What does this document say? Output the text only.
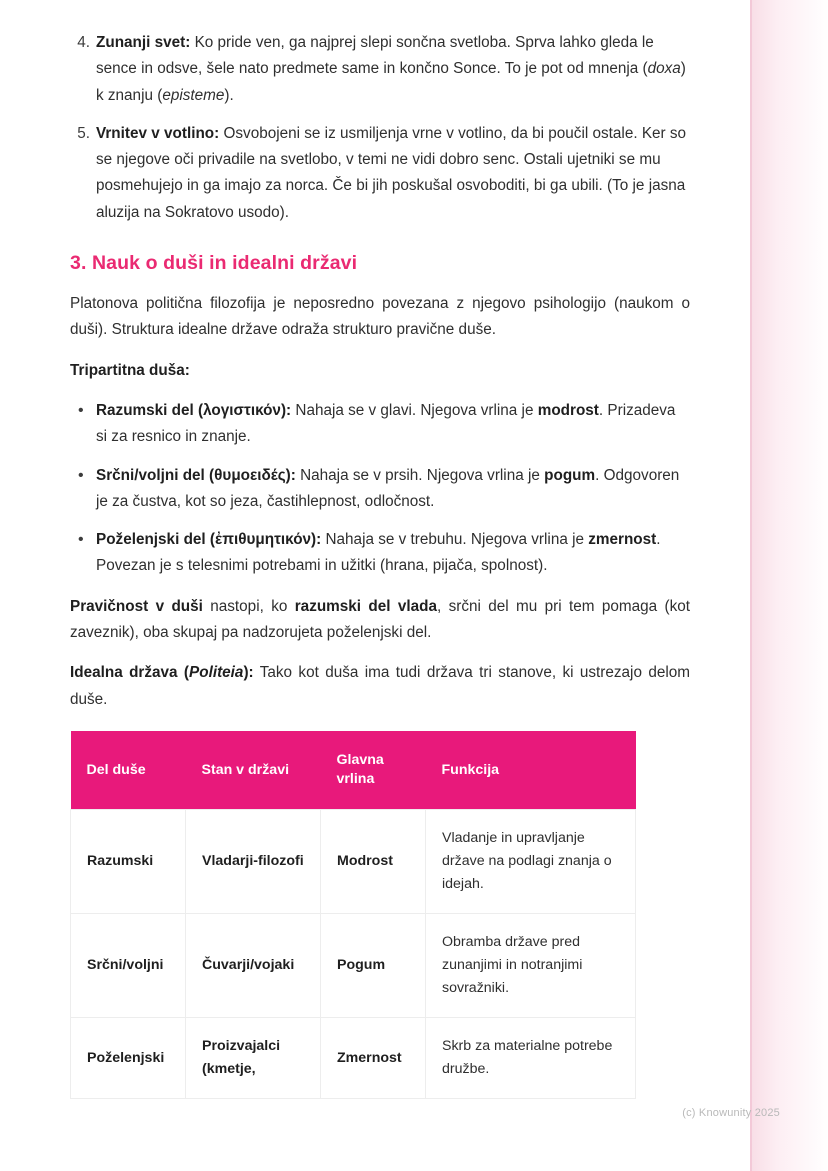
Zunanji svet: Ko pride ven, ga najprej slepi sončna svetloba. Sprva lahko gleda le sence in odsve, šele nato predmete same in končno Sonce. To je pot od mnenja (doxa) k znanju (episteme).
Vrnitev v votlino: Osvobojeni se iz usmiljenja vrne v votlino, da bi poučil ostale. Ker so se njegove oči privadile na svetlobo, v temi ne vidi dobro senc. Ostali ujetniki se mu posmehujejo in ga imajo za norca. Če bi jih poskušal osvoboditi, bi ga ubili. (To je jasna aluzija na Sokratovo usodo).
3. Nauk o duši in idealni državi

Platonova politična filozofija je neposredno povezana z njegovo psihologijo (naukom o duši). Struktura idealne države odraža strukturo pravične duše.

Tripartitna duša:

• Razumski del (λογιστικόν): Nahaja se v glavi. Njegova vrlina je modrost. Prizadeva si za resnico in znanje.
• Srčni/voljni del (θυμοειδές): Nahaja se v prsih. Njegova vrlina je pogum. Odgovoren je za čustva, kot so jeza, častihlepnost, odločnost.
• Poželenjski del (ἐπιθυμητικόν): Nahaja se v trebuhu. Njegova vrlina je zmernost. Povezan je s telesnimi potrebami in užitki (hrana, pijača, spolnost).

Pravičnost v duši nastopi, ko razumski del vlada, srčni del mu pri tem pomaga (kot zaveznik), oba skupaj pa nadzorujeta poželenjski del.

Idealna država (Politeia): Tako kot duša ima tudi država tri stanove, ki ustrezajo delom duše.

Del duše	Stan v državi	Glavna vrlina	Funkcija
Razumski	Vladarji-filozofi	Modrost	Vladanje in upravljanje države na podlagi znanja o idejah.
Srčni/voljni	Čuvarji/vojaki	Pogum	Obramba države pred zunanjimi in notranjimi sovražniki.
Poželenjski	Proizvajalci (kmetje,	Zmernost	Skrb za materialne potrebe družbe.
(c) Knowunity 2025
